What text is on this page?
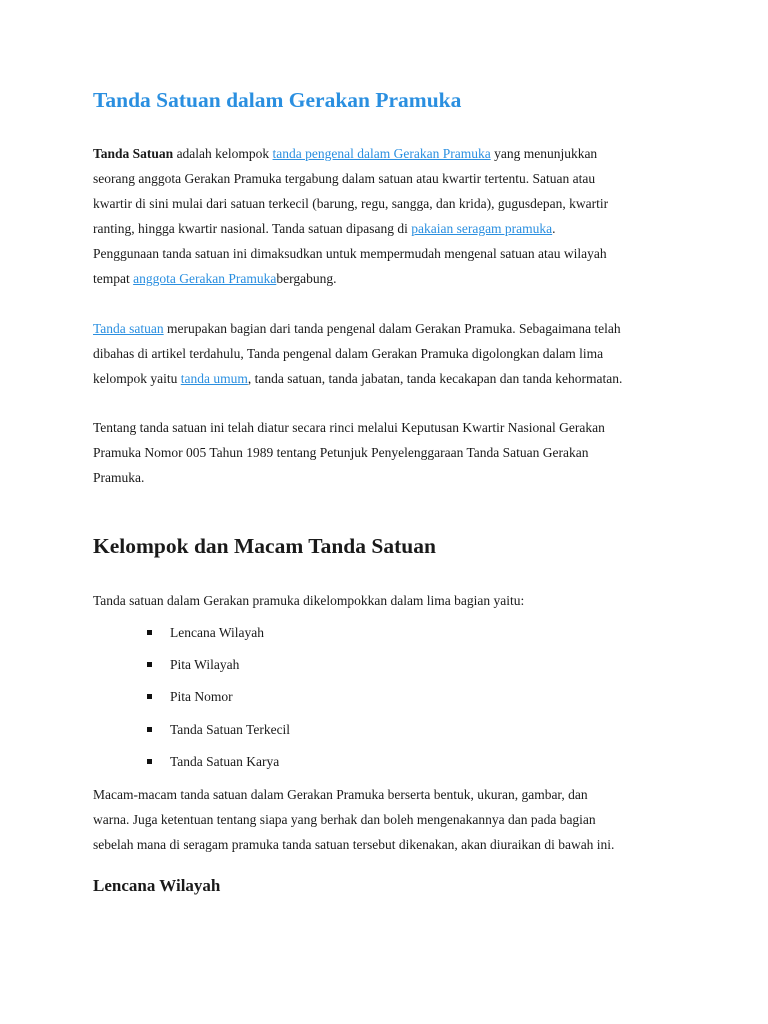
Tanda Satuan dalam Gerakan Pramuka

Tanda Satuan adalah kelompok tanda pengenal dalam Gerakan Pramuka yang menunjukkan
seorang anggota Gerakan Pramuka tergabung dalam satuan atau kwartir tertentu. Satuan atau
kwartir di sini mulai dari satuan terkecil (barung, regu, sangga, dan krida), gugusdepan, kwartir
ranting, hingga kwartir nasional. Tanda satuan dipasang di pakaian seragam pramuka.
Penggunaan tanda satuan ini dimaksudkan untuk mempermudah mengenal satuan atau wilayah
tempat anggota Gerakan Pramukabergabung.

Tanda satuan merupakan bagian dari tanda pengenal dalam Gerakan Pramuka. Sebagaimana telah
dibahas di artikel terdahulu, Tanda pengenal dalam Gerakan Pramuka digolongkan dalam lima
kelompok yaitu tanda umum, tanda satuan, tanda jabatan, tanda kecakapan dan tanda kehormatan.

Tentang tanda satuan ini telah diatur secara rinci melalui Keputusan Kwartir Nasional Gerakan
Pramuka Nomor 005 Tahun 1989 tentang Petunjuk Penyelenggaraan Tanda Satuan Gerakan
Pramuka.

Kelompok dan Macam Tanda Satuan

Tanda satuan dalam Gerakan pramuka dikelompokkan dalam lima bagian yaitu:

Lencana Wilayah
Pita Wilayah
Pita Nomor
Tanda Satuan Terkecil
Tanda Satuan Karya

Macam-macam tanda satuan dalam Gerakan Pramuka berserta bentuk, ukuran, gambar, dan
warna. Juga ketentuan tentang siapa yang berhak dan boleh mengenakannya dan pada bagian
sebelah mana di seragam pramuka tanda satuan tersebut dikenakan, akan diuraikan di bawah ini.

Lencana Wilayah
